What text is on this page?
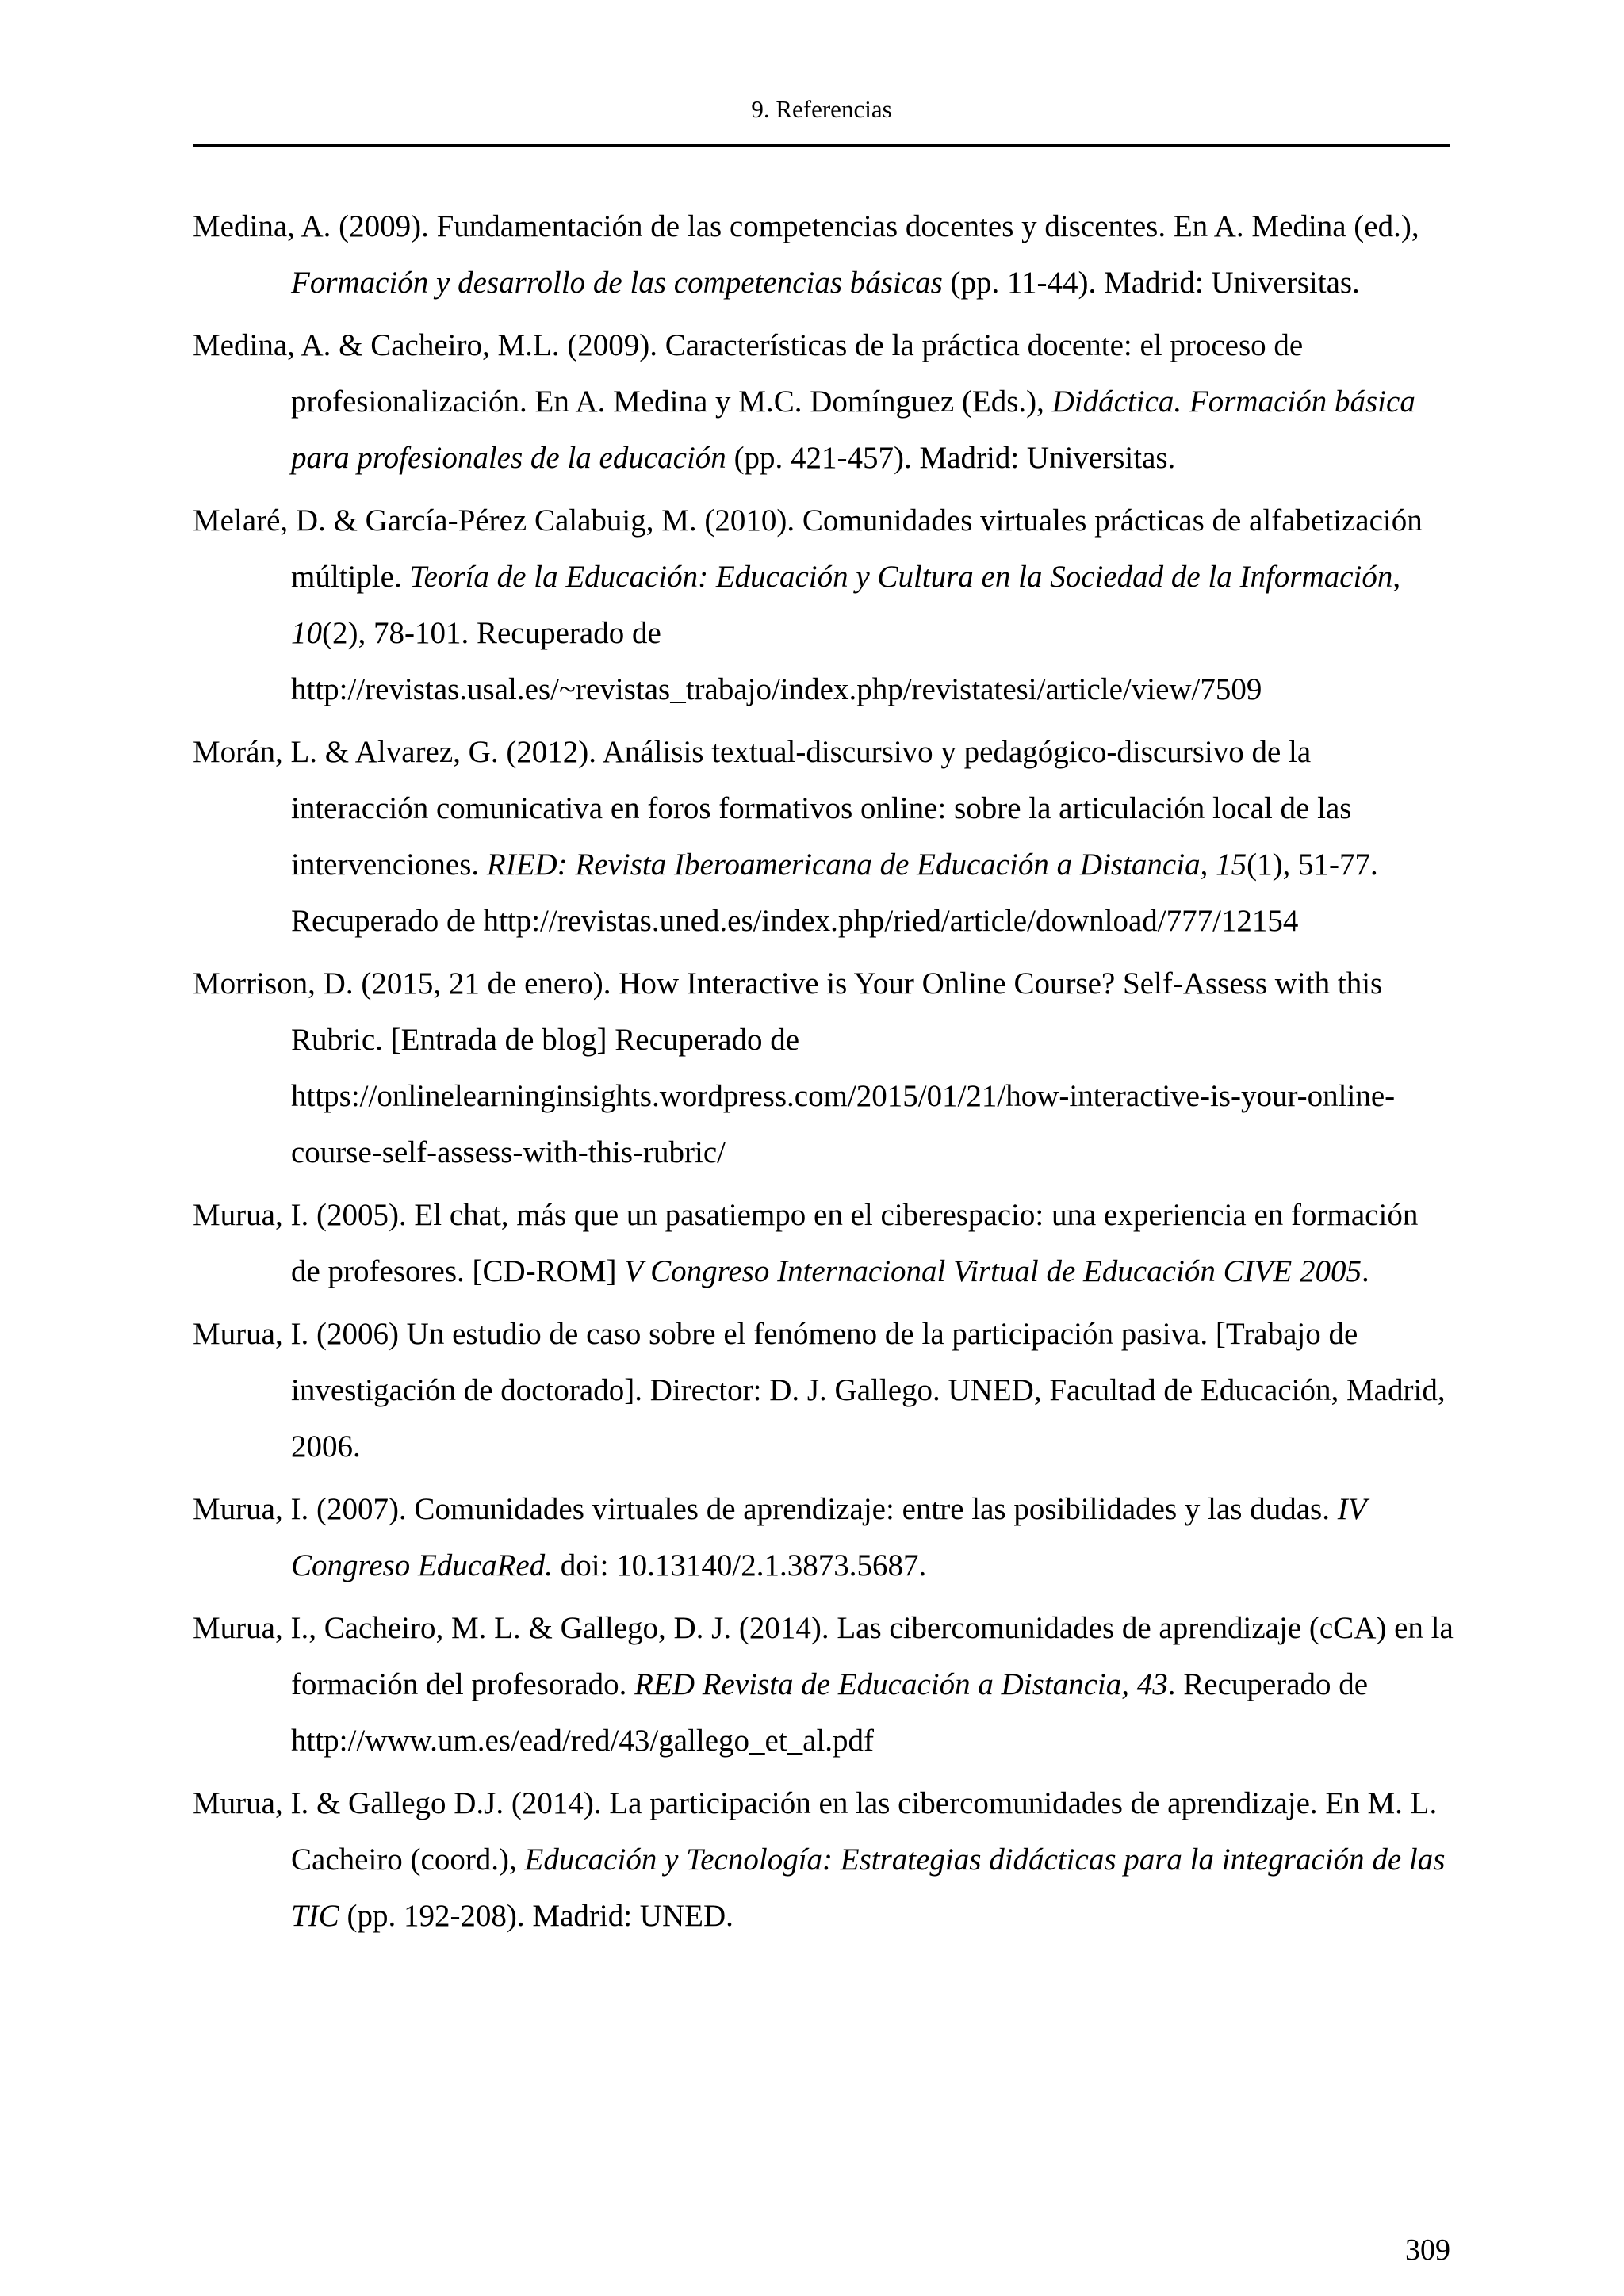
9. Referencias

Medina, A. (2009). Fundamentación de las competencias docentes y discentes. En A. Medina (ed.), Formación y desarrollo de las competencias básicas (pp. 11-44). Madrid: Universitas.

Medina, A. & Cacheiro, M.L. (2009). Características de la práctica docente: el proceso de profesionalización. En A. Medina y M.C. Domínguez (Eds.), Didáctica. Formación básica para profesionales de la educación (pp. 421-457). Madrid: Universitas.

Melaré, D. & García-Pérez Calabuig, M. (2010). Comunidades virtuales prácticas de alfabetización múltiple. Teoría de la Educación: Educación y Cultura en la Sociedad de la Información, 10(2), 78-101. Recuperado de http://revistas.usal.es/~revistas_trabajo/index.php/revistatesi/article/view/7509

Morán, L. & Alvarez, G. (2012). Análisis textual-discursivo y pedagógico-discursivo de la interacción comunicativa en foros formativos online: sobre la articulación local de las intervenciones. RIED: Revista Iberoamericana de Educación a Distancia, 15(1), 51-77. Recuperado de http://revistas.uned.es/index.php/ried/article/download/777/12154

Morrison, D. (2015, 21 de enero). How Interactive is Your Online Course? Self-Assess with this Rubric. [Entrada de blog] Recuperado de https://onlinelearninginsights.wordpress.com/2015/01/21/how-interactive-is-your-online-course-self-assess-with-this-rubric/

Murua, I. (2005). El chat, más que un pasatiempo en el ciberespacio: una experiencia en formación de profesores. [CD-ROM] V Congreso Internacional Virtual de Educación CIVE 2005.

Murua, I. (2006) Un estudio de caso sobre el fenómeno de la participación pasiva. [Trabajo de investigación de doctorado]. Director: D. J. Gallego. UNED, Facultad de Educación, Madrid, 2006.

Murua, I. (2007). Comunidades virtuales de aprendizaje: entre las posibilidades y las dudas. IV Congreso EducaRed. doi: 10.13140/2.1.3873.5687.

Murua, I., Cacheiro, M. L. & Gallego, D. J. (2014). Las cibercomunidades de aprendizaje (cCA) en la formación del profesorado. RED Revista de Educación a Distancia, 43. Recuperado de http://www.um.es/ead/red/43/gallego_et_al.pdf

Murua, I. & Gallego D.J. (2014). La participación en las cibercomunidades de aprendizaje. En M. L. Cacheiro (coord.), Educación y Tecnología: Estrategias didácticas para la integración de las TIC (pp. 192-208). Madrid: UNED.

309
